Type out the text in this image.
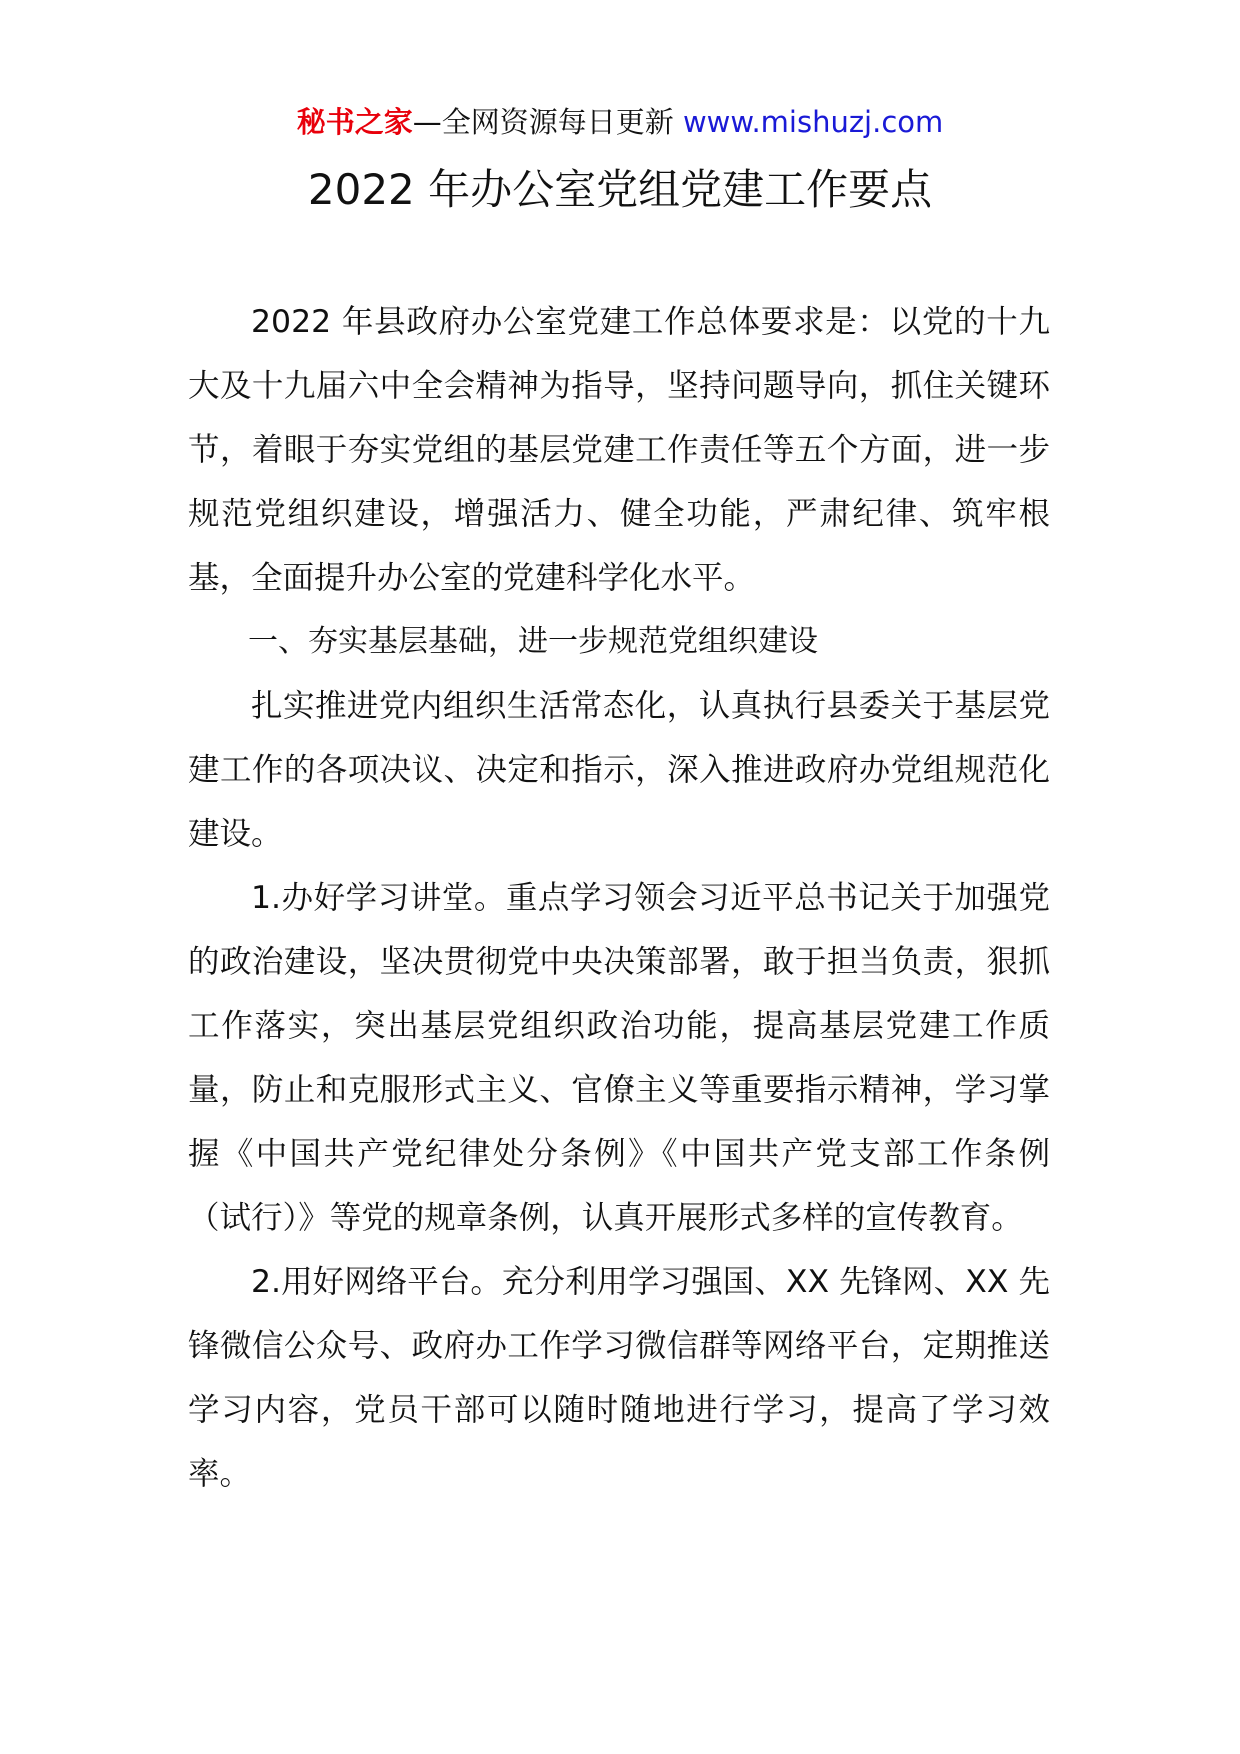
秘书之家—全网资源每日更新 www.mishuzj.com
2022 年办公室党组党建工作要点

2022 年县政府办公室党建工作总体要求是：以党的十九大及十九届六中全会精神为指导，坚持问题导向，抓住关键环节，着眼于夯实党组的基层党建工作责任等五个方面，进一步规范党组织建设，增强活力、健全功能，严肃纪律、筑牢根基，全面提升办公室的党建科学化水平。

一、夯实基层基础，进一步规范党组织建设

扎实推进党内组织生活常态化，认真执行县委关于基层党建工作的各项决议、决定和指示，深入推进政府办党组规范化建设。

1.办好学习讲堂。重点学习领会习近平总书记关于加强党的政治建设，坚决贯彻党中央决策部署，敢于担当负责，狠抓工作落实，突出基层党组织政治功能，提高基层党建工作质量，防止和克服形式主义、官僚主义等重要指示精神，学习掌握《中国共产党纪律处分条例》《中国共产党支部工作条例（试行）》等党的规章条例，认真开展形式多样的宣传教育。

2.用好网络平台。充分利用学习强国、XX 先锋网、XX 先锋微信公众号、政府办工作学习微信群等网络平台，定期推送学习内容，党员干部可以随时随地进行学习，提高了学习效率。
